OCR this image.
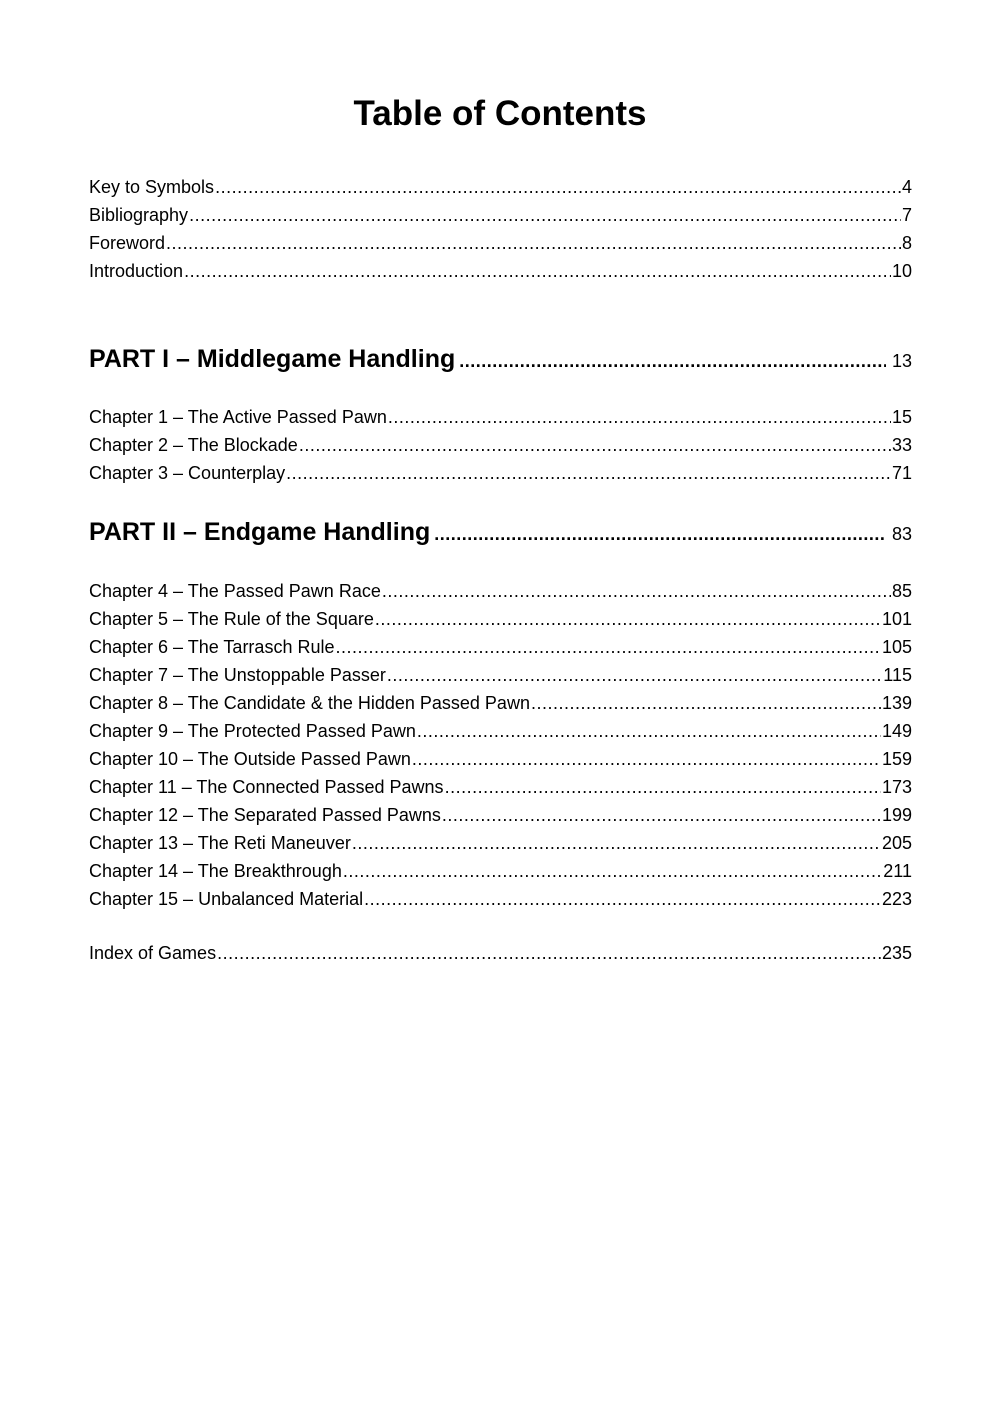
Table of Contents
Key to Symbols .....	4
Bibliography .....	7
Foreword .....	8
Introduction .....	10
PART I – Middlegame Handling .....	13
Chapter 1 – The Active Passed Pawn .....	15
Chapter 2 – The Blockade .....	33
Chapter 3 – Counterplay .....	71
PART II – Endgame Handling .....	83
Chapter 4 – The Passed Pawn Race .....	85
Chapter 5 – The Rule of the Square .....	101
Chapter 6 – The Tarrasch Rule .....	105
Chapter 7 – The Unstoppable Passer .....	115
Chapter 8 – The Candidate & the Hidden Passed Pawn .....	139
Chapter 9 – The Protected Passed Pawn .....	149
Chapter 10 – The Outside Passed Pawn .....	159
Chapter 11 – The Connected Passed Pawns .....	173
Chapter 12 – The Separated Passed Pawns .....	199
Chapter 13 – The Reti Maneuver .....	205
Chapter 14 – The Breakthrough .....	211
Chapter 15 – Unbalanced Material .....	223
Index of Games .....	235
